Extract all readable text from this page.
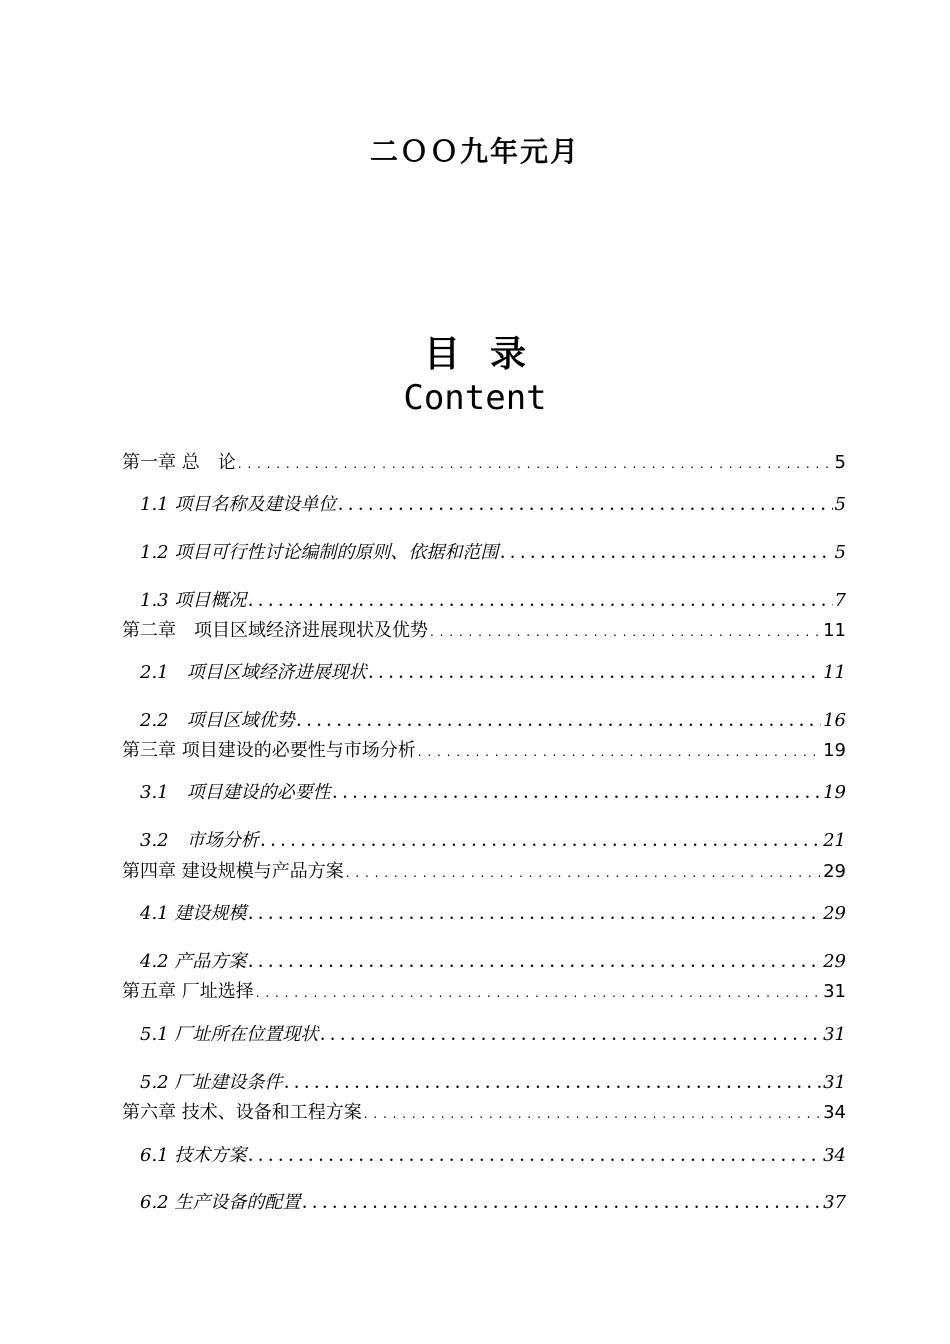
二ＯＯ九年元月
目录
Content
第一章 总　论 . . .	5
1.1 项目名称及建设单位 . . .	5
1.2 项目可行性讨论编制的原则、依据和范围 . . .	5
1.3 项目概况 . . .	7
第二章　项目区域经济进展现状及优势 . . .	11
2.1　项目区域经济进展现状 . . .	11
2.2　项目区域优势 . . .	16
第三章 项目建设的必要性与市场分析 . . .	19
3.1　项目建设的必要性 . . .	19
3.2　市场分析 . . .	21
第四章 建设规模与产品方案 . . .	29
4.1 建设规模 . . .	29
4.2 产品方案 . . .	29
第五章 厂址选择 . . .	31
5.1 厂址所在位置现状 . . .	31
5.2 厂址建设条件 . . .	31
第六章 技术、设备和工程方案 . . .	34
6.1 技术方案 . . .	34
6.2 生产设备的配置 . . .	37
